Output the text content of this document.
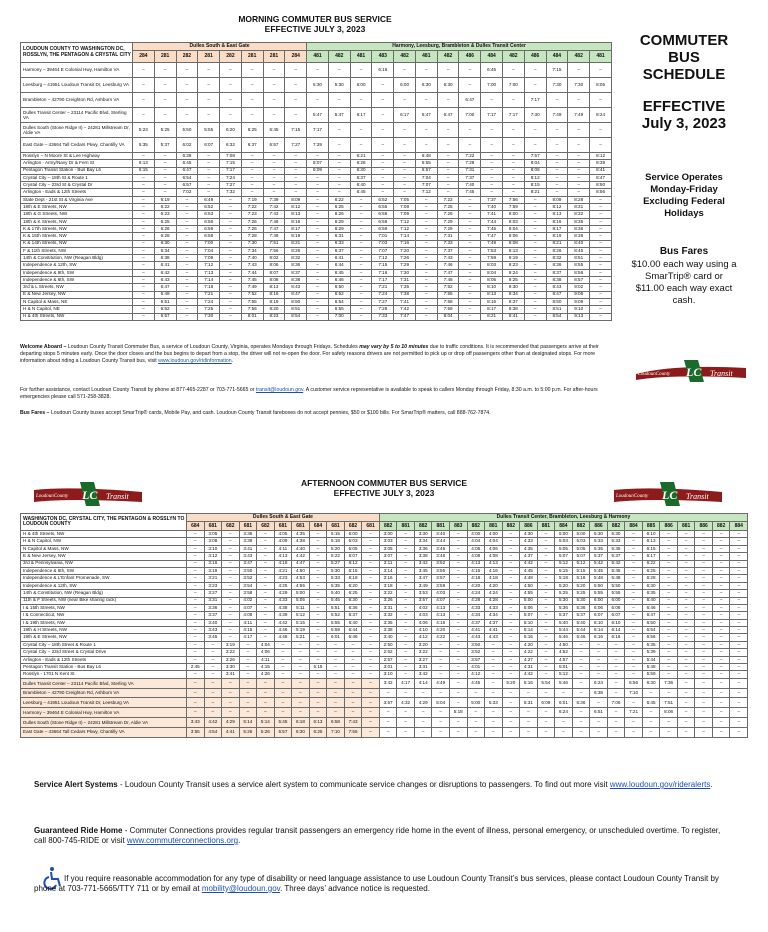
MORNING COMMUTER BUS SERVICE
EFFECTIVE JULY 3, 2023
LOUDOUN COUNTY TO WASHINGTON DC, ROSSLYN, THE PENTAGON & CRYSTAL CITY	Dulles South & East Gate								Harmony, Leesburg, Brambleton & Dulles Transit Center													
	284	281	282	281	282	281	281	284	481	482	481	483	482	481	482	486	484	482	486	484	482	481
Harmony – 39464 E Colonial Hwy, Hamilton VA	–	–	–	–	–	–	–	–	–	–	–	6:16	–	–	–	–	6:45	–	–	7:15	–	–
Leesburg – 41951 Loudoun Transit Dr, Leesburg VA	–	–	–	–	–	–	–	–	5:30	5:30	6:00	–	6:00	6:30	6:30	–	7:00	7:00	–	7:30	7:30	8:05
Brambleton – 42790 Creighton Rd, Ashburn VA	–	–	–	–	–	–	–	–	–	–	–	–	–	–	–	6:47	–	–	7:17	–	–	–
Dulles Transit Center – 23114 Pacific Blvd, Sterling VA	–	–	–	–	–	–	–	–	5:47	5:47	6:17	–	6:17	6:47	6:47	7:00	7:17	7:17	7:30	7:49	7:49	8:24
Dulles South (Stone Ridge II) – 24281 Millstream Dr, Aldie VA	5:23	5:25	5:50	5:55	6:20	6:25	6:45	7:15	7:17	–	–	–	–	–	–	–	–	–	–	–	–	–
East Gate – 43664 Tall Cedars Pkwy, Chantilly VA	5:35	5:37	6:02	6:07	6:32	6:37	6:57	7:27	7:29	–	–	–	–	–	–	–	–	–	–	–	–	–
Rosslyn – N Moore St & Lee Highway	–	–	6:38	–	7:08	–	–	–	–	–	6:21	–	–	6:48	–	7:22	–	–	7:57	–	–	8:12
Arlington - Army/Navy Dr & Fern St	6:13	–	6:45	–	7:15	–	–	–	8:07	–	6:28	–	–	6:55	–	7:29	–	–	8:04	–	–	8:39
Pentagon Transit Station - Bus Bay L6	6:15	–	6:47	–	7:17	–	–	–	8:09	–	6:30	–	–	6:57	–	7:31	–	–	8:06	–	–	8:41
Crystal City – 18th St & Route 1	–	–	6:54	–	7:24	–	–	–	–	–	6:37	–	–	7:04	–	7:37	–	–	8:12	–	–	8:47
Crystal City – 23rd St & Crystal Dr	–	–	6:57	–	7:27	–	–	–	–	–	6:40	–	–	7:07	–	7:40	–	–	8:15	–	–	8:50
Arlington - Eads & 12th Streets	–	–	7:02	–	7:32	–	–	–	–	–	6:45	–	–	7:12	–	7:45	–	–	8:21	–	–	8:56
State Dept - 21st St & Virginia Ave	–	6:19	–	6:49	–	7:19	7:39	8:09	–	6:22	–	6:52	7:05	–	7:22	–	7:37	7:56	–	8:09	8:28	–
18th & E Streets, NW	–	6:22	–	6:52	–	7:22	7:42	8:12	–	6:25	–	6:55	7:08	–	7:25	–	7:40	7:59	–	8:12	8:31	–
18th & G Streets, NW	–	6:23	–	6:53	–	7:23	7:43	8:13	–	6:26	–	6:56	7:09	–	7:26	–	7:41	8:00	–	8:13	8:32	–
18th & K Streets, NW	–	6:25	–	6:56	–	7:26	7:46	8:16	–	6:29	–	6:59	7:12	–	7:29	–	7:44	8:03	–	8:16	8:35	–
K & 17th Streets, NW	–	6:26	–	6:56	–	7:26	7:47	8:17	–	6:29	–	6:59	7:12	–	7:29	–	7:45	8:04	–	8:17	8:36	–
K & 15th Streets, NW	–	6:28	–	6:58	–	7:28	7:49	8:19	–	6:31	–	7:01	7:14	–	7:31	–	7:47	8:06	–	8:19	8:38	–
K & 14th Streets, NW	–	6:30	–	7:00	–	7:30	7:51	8:21	–	6:33	–	7:03	7:16	–	7:33	–	7:49	8:08	–	8:21	8:40	–
F & 11th Streets, NW	–	6:34	–	7:04	–	7:34	7:56	8:26	–	6:37	–	7:07	7:20	–	7:37	–	7:53	8:13	–	8:26	8:45	–
14th & Constitution, NW (Reagan Bldg)	–	6:38	–	7:09	–	7:40	8:02	8:32	–	6:41	–	7:12	7:26	–	7:43	–	7:59	8:19	–	8:32	8:51	–
Independence & 12th, SW	–	6:41	–	7:12	–	7:43	8:06	8:36	–	6:44	–	7:15	7:29	–	7:46	–	8:03	8:23	–	8:36	8:55	–
Independence & 9th, SW	–	6:42	–	7:13	–	7:44	8:07	8:37	–	6:45	–	7:16	7:30	–	7:47	–	8:04	8:24	–	8:37	8:56	–
Independence & 6th, SW	–	6:43	–	7:14	–	7:45	8:08	8:38	–	6:46	–	7:17	7:31	–	7:48	–	8:05	8:25	–	8:38	8:57	–
3rd & L Streets, NW	–	6:47	–	7:18	–	7:49	8:13	8:43	–	6:50	–	7:21	7:35	–	7:52	–	8:10	8:30	–	8:43	9:02	–
E & New Jersey, NW	–	6:49	–	7:21	–	7:52	8:16	8:47	–	6:52	–	7:24	7:38	–	7:55	–	8:13	8:34	–	8:47	9:06	–
N Capitol & Mass, NE	–	6:51	–	7:24	–	7:55	8:19	8:50	–	6:54	–	7:27	7:41	–	7:58	–	8:16	8:37	–	8:50	9:09	–
H & N Capitol, NE	–	6:52	–	7:25	–	7:56	8:20	8:51	–	6:55	–	7:28	7:42	–	7:59	–	8:17	8:38	–	8:51	9:10	–
H & 4th Streets, NW	–	6:57	–	7:30	–	8:01	8:23	8:54	–	7:00	–	7:33	7:47	–	8:04	–	8:21	8:41	–	8:54	9:13	–
COMMUTER
BUS
SCHEDULE
EFFECTIVE
July 3, 2023
Service Operates
Monday-Friday
Excluding Federal
Holidays
Bus Fares
$10.00 each way using a
SmarTrip® card or
$11.00 each way exact
cash.
LoudounCounty LC Transit
LoudounCounty LC Transit	LoudounCounty LC Transit
Welcome Aboard – Loudoun County Transit Commuter Bus, a service of Loudoun County, Virginia, operates Mondays through Fridays. Schedules may vary by 5 to 10 minutes due to traffic conditions. It is recommended that passengers arrive at their departing stops 5 minutes early. Once the door closes and the bus begins to depart from a stop, the driver will not re-open the door. For safety reasons drivers are not permitted to pick up or drop off passengers other than at designated stops. For more information about riding a Loudoun County Transit bus, visit www.loudoun.gov/ridinformation.
For further assistance, contact Loudoun County Transit by phone at 877-465-2287 or 703-771-5665 or transit@loudoun.gov. A customer service representative is available to speak to callers Monday through Friday, 8:30 a.m. to 5:00 p.m. For after-hours emergencies please call 571-258-3828.
Bus Fares – Loudoun County buses accept SmarTrip® cards, Mobile Pay, and cash. Loudoun County Transit fareboxes do not accept pennies, $50 or $100 bills. For SmarTrip® matters, call 888-762-7874.
AFTERNOON COMMUTER BUS SERVICE
EFFECTIVE JULY 3, 2023
WASHINGTON DC, CRYSTAL CITY, THE PENTAGON & ROSSLYN TO LOUDOUN COUNTY	Dulles South & East Gate											Dulles Transit Center, Brambleton, Leesburg & Harmony																				
	684	681	682	681	682	681	681	684	681	682	681	882	881	882	881	883	882	881	882	886	881	884	882	886	882	884	885	886	881	886	882	884
H & 4th Streets, NW	–	3:05	–	3:35	–	4:05	4:35	–	5:15	6:00	–	3:00	–	3:30	3:40	–	4:00	4:00	–	4:30	–	5:00	5:00	5:30	5:30	–	6:10	–	–	–	–	–
H & N Capitol, NW	–	3:08	–	3:39	–	4:09	4:38	–	5:18	6:03	–	3:03	–	3:34	3:44	–	4:04	4:04	–	4:33	–	5:03	5:03	5:33	5:33	–	6:13	–	–	–	–	–
N Capitol & Mass, NW	–	3:10	–	3:41	–	4:11	4:40	–	5:20	6:05	–	3:05	–	3:36	3:46	–	4:06	4:06	–	4:35	–	5:05	5:05	5:35	5:35	–	6:15	–	–	–	–	–
E & New Jersey, NW	–	3:12	–	3:43	–	4:13	4:42	–	5:22	6:07	–	3:07	–	3:38	3:48	–	4:08	4:08	–	4:37	–	5:07	5:07	5:37	5:37	–	6:17	–	–	–	–	–
3rd & Pennsylvania, NW	–	3:16	–	3:47	–	4:18	4:47	–	5:27	6:12	–	3:11	–	3:42	3:52	–	4:13	4:13	–	4:42	–	5:12	5:12	5:42	5:42	–	6:22	–	–	–	–	–
Independence & 6th, SW	–	3:19	–	3:50	–	4:21	4:50	–	5:30	6:15	–	3:14	–	3:45	3:55	–	4:16	4:16	–	4:45	–	5:15	5:15	5:45	5:45	–	6:25	–	–	–	–	–
Independence & L'Enfant Promenade, SW	–	3:21	–	3:52	–	4:23	4:53	–	5:33	6:18	–	3:16	–	3:47	3:57	–	4:18	4:18	–	4:48	–	5:18	5:18	5:48	5:48	–	6:28	–	–	–	–	–
Independence & 12th, SW	–	3:23	–	3:54	–	4:25	4:55	–	5:35	6:20	–	3:18	–	3:49	3:59	–	4:20	4:20	–	4:50	–	5:20	5:20	5:50	5:50	–	6:30	–	–	–	–	–
14th & Constitution, NW (Reagan Bldg)	–	3:27	–	3:58	–	4:29	5:00	–	5:40	6:25	–	3:22	–	3:53	4:03	–	4:24	4:24	–	4:55	–	5:25	5:25	5:55	5:55	–	6:35	–	–	–	–	–
11th & F Streets, NW (near Bike sharing rack)	–	3:31	–	4:02	–	4:33	5:05	–	5:45	6:30	–	3:26	–	3:57	4:07	–	4:28	4:28	–	5:00	–	5:30	5:30	6:00	6:00	–	6:40	–	–	–	–	–
I & 15th Streets, NW	–	3:36	–	4:07	–	4:38	5:11	–	5:51	6:36	–	3:31	–	4:02	4:13	–	4:33	4:33	–	5:06	–	5:36	5:36	6:06	6:06	–	6:46	–	–	–	–	–
I & Connecticut, NW	–	3:37	–	4:08	–	4:39	5:12	–	5:52	6:37	–	3:32	–	4:03	4:13	–	4:34	4:34	–	5:07	–	5:37	5:37	6:07	6:07	–	6:47	–	–	–	–	–
I & 19th Streets, NW	–	3:40	–	4:11	–	4:42	5:15	–	5:55	6:40	–	3:35	–	4:06	4:16	–	4:37	4:37	–	5:10	–	5:40	5:40	6:10	6:10	–	6:50	–	–	–	–	–
19th & H Streets, NW	–	3:43	–	4:15	–	4:46	5:19	–	5:59	6:44	–	3:38	–	4:10	4:20	–	4:41	4:41	–	5:14	–	5:44	5:44	6:14	6:14	–	6:54	–	–	–	–	–
19th & E Streets, NW	–	3:45	–	4:17	–	4:48	5:21	–	6:01	6:46	–	3:40	–	4:12	4:22	–	4:43	4:43	–	5:16	–	5:46	5:46	6:16	6:16	–	6:56	–	–	–	–	–
Crystal City – 18th Street & Route 1	–	–	3:19	–	4:04	–	–	–	–	–	–	2:50	–	3:20	–	–	3:50	–	–	4:20	–	4:50	–	–	–	–	5:35	–	–	–	–	–
Crystal City – 23rd Street & Crystal Drive	–	–	3:22	–	4:06	–	–	–	–	–	–	2:52	–	3:22	–	–	3:52	–	–	4:22	–	4:52	–	–	–	–	5:39	–	–	–	–	–
Arlington - Eads & 12th Streets	–	–	3:26	–	4:11	–	–	–	–	–	–	2:57	–	3:27	–	–	3:57	–	–	4:27	–	4:57	–	–	–	–	5:44	–	–	–	–	–
Pentagon Transit Station - Bus Bay L6	2:45	–	3:30	–	4:15	–	–	5:15	–	–	–	3:01	–	3:31	–	–	4:01	–	–	4:31	–	5:01	–	–	–	–	5:48	–	–	–	–	–
Rosslyn - 1701 N Kent St	–	–	3:41	–	4:26	–	–	–	–	–	–	3:10	–	3:42	–	–	4:12	–	–	4:42	–	5:12	–	–	–	–	5:59	–	–	–	–	–
Dulles Transit Center – 23114 Pacific Blvd, Sterling VA	–	–	–	–	–	–	–	–	–	–	–	3:42	4:17	4:14	4:49	–	4:45	–	5:20	5:16	5:54	5:46	–	6:24	–	6:56	6:30	7:36	–	–	–	–
Brambleton – 42790 Creighton Rd, Ashburn VA	–	–	–	–	–	–	–	–	–	–	–	–	–	–	–	–	–	–	–	–	–	–	–	6:38	–	7:10	–	–	–	–	–	–
Leesburg – 41951 Loudoun Transit Dr, Leesburg VA	–	–	–	–	–	–	–	–	–	–	–	3:57	4:32	4:29	5:04	–	5:00	5:33	–	5:31	6:09	6:01	6:36	–	7:06	–	6:45	7:51	–	–	–	–
Harmony – 39464 E Colonial Hwy, Hamilton VA	–	–	–	–	–	–	–	–	–	–	–	–	–	–	–	5:18	–	–	–	–	–	6:24	–	6:51	–	7:21	–	8:06	–	–	–	–
Dulles South (Stone Ridge II) – 24281 Millstream Dr, Aldie VA	3:43	4:42	4:29	5:14	5:14	5:45	6:18	6:13	6:58	7:43	–	–	–	–	–	–	–	–	–	–	–	–	–	–	–	–	–	–	–	–	–	–
East Gate – 43664 Tall Cedars Pkwy, Chantilly VA	3:55	4:54	4:41	5:26	5:26	5:57	6:30	6:25	7:10	7:55	–	–	–	–	–	–	–	–	–	–	–	–	–	–	–	–	–	–	–	–	–	–
Service Alert Systems - Loudoun County Transit uses a service alert system to communicate service changes or disruptions to passengers. To find out more visit www.loudoun.gov/rideralerts.
Guaranteed Ride Home - Commuter Connections provides regular transit passengers an emergency ride home in the event of illness, personal emergency, or unscheduled overtime. To register, call 800-745-RIDE or visit www.commuterconnections.org.
If you require reasonable accommodation for any type of disability or need language assistance to use Loudoun County Transit’s bus services, please contact Loudoun County Transit by phone at 703-771-5665/TTY 711 or by email at mobility@loudoun.gov. Three days’ advance notice is requested.
